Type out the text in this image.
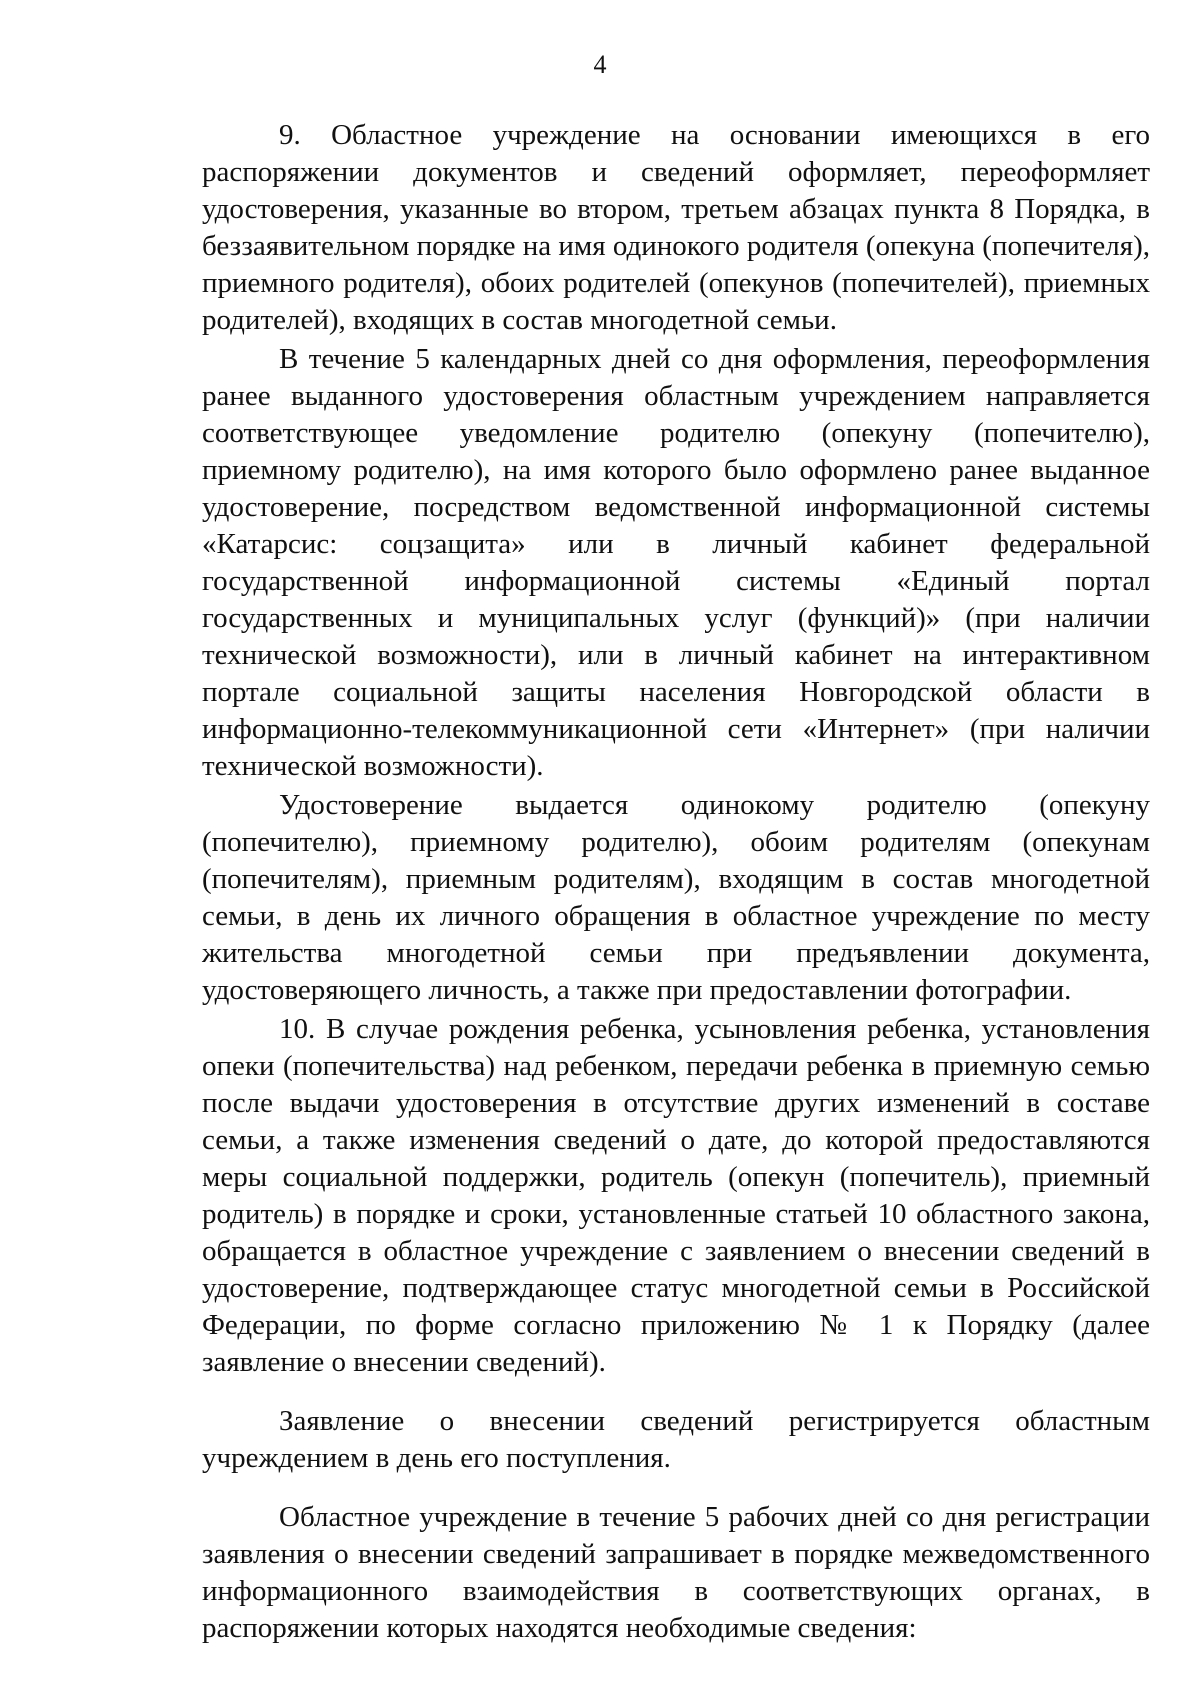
4

9. Областное учреждение на основании имеющихся в его распоряжении документов и сведений оформляет, переоформляет удостоверения, указанные во втором, третьем абзацах пункта 8 Порядка, в беззаявительном порядке на имя одинокого родителя (опекуна (попечителя), приемного родителя), обоих родителей (опекунов (попечителей), приемных родителей), входящих в состав многодетной семьи.

В течение 5 календарных дней со дня оформления, переоформления ранее выданного удостоверения областным учреждением направляется соответствующее уведомление родителю (опекуну (попечителю), приемному родителю), на имя которого было оформлено ранее выданное удостоверение, посредством ведомственной информационной системы «Катарсис: соцзащита» или в личный кабинет федеральной государственной информационной системы «Единый портал государственных и муниципальных услуг (функций)» (при наличии технической возможности), или в личный кабинет на интерактивном портале социальной защиты населения Новгородской области в информационно-телекоммуникационной сети «Интернет» (при наличии технической возможности).

Удостоверение выдается одинокому родителю (опекуну (попечителю), приемному родителю), обоим родителям (опекунам (попечителям), приемным родителям), входящим в состав многодетной семьи, в день их личного обращения в областное учреждение по месту жительства многодетной семьи при предъявлении документа, удостоверяющего личность, а также при предоставлении фотографии.

10. В случае рождения ребенка, усыновления ребенка, установления опеки (попечительства) над ребенком, передачи ребенка в приемную семью после выдачи удостоверения в отсутствие других изменений в составе семьи, а также изменения сведений о дате, до которой предоставляются меры социальной поддержки, родитель (опекун (попечитель), приемный родитель) в порядке и сроки, установленные статьей 10 областного закона, обращается в областное учреждение с заявлением о внесении сведений в удостоверение, подтверждающее статус многодетной семьи в Российской Федерации, по форме согласно приложению № 1 к Порядку (далее заявление о внесении сведений).

Заявление о внесении сведений регистрируется областным учреждением в день его поступления.

Областное учреждение в течение 5 рабочих дней со дня регистрации заявления о внесении сведений запрашивает в порядке межведомственного информационного взаимодействия в соответствующих органах, в распоряжении которых находятся необходимые сведения:
